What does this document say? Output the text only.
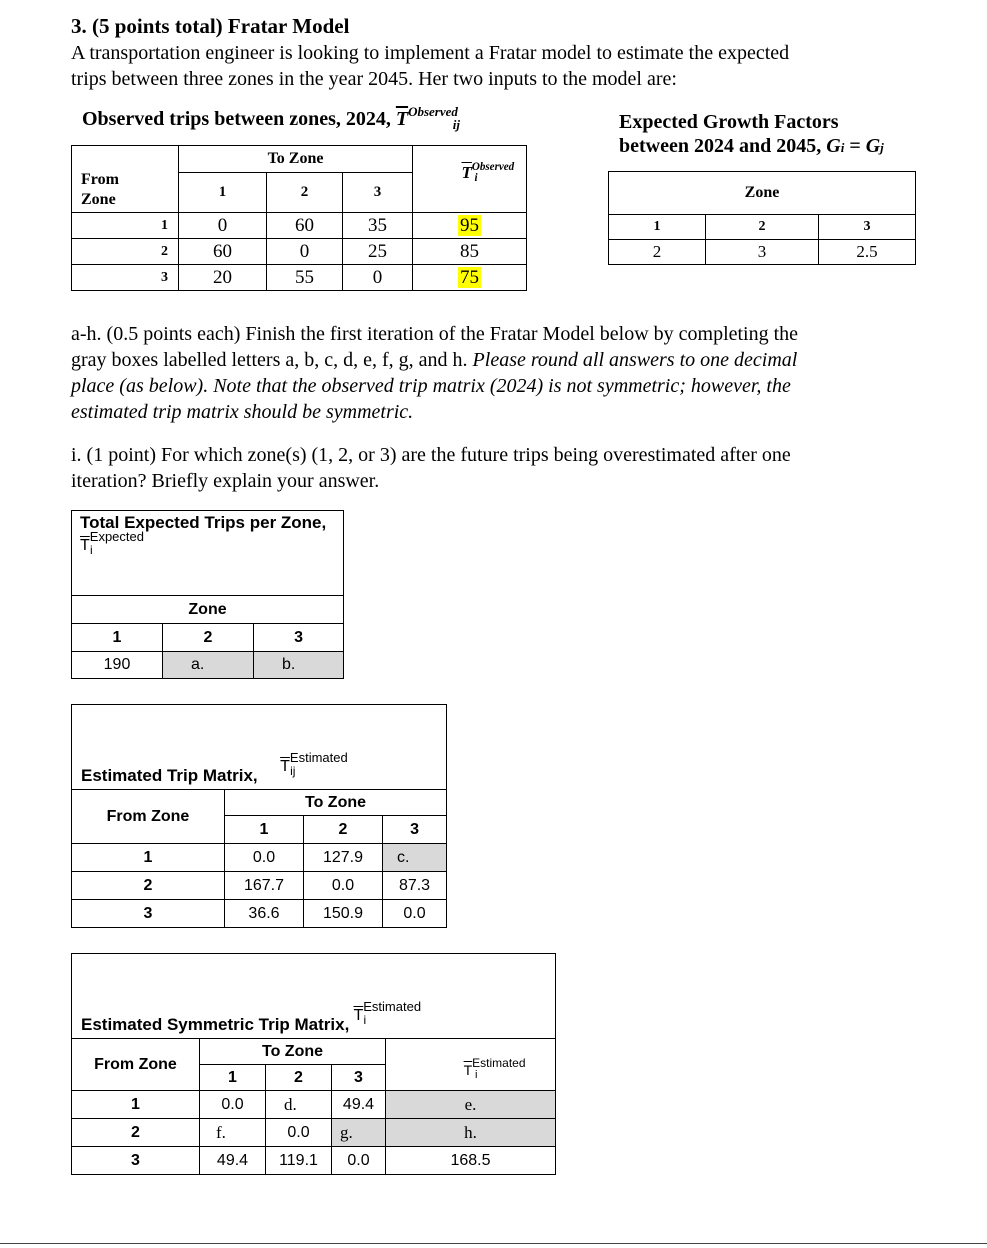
3. (5 points total) Fratar Model
A transportation engineer is looking to implement a Fratar model to estimate the expected
trips between three zones in the year 2045. Her two inputs to the model are:
Observed trips between zones, 2024, $\overline{T}^{Observed}ij$
From
Zone	To Zone			$\overline{T}^{Observed}i$
	1	2	3	
1	0	60	35	95
2	60	0	25	85
3	20	55	0	75
Expected Growth Factors
between 2024 and 2045, Gi = Gj
Zone		
1	2	3
2	3	2.5
a-h. (0.5 points each) Finish the first iteration of the Fratar Model below by completing the
gray boxes labelled letters a, b, c, d, e, f, g, and h. Please round all answers to one decimal
place (as below). Note that the observed trip matrix (2024) is not symmetric; however, the
estimated trip matrix should be symmetric.
i. (1 point) For which zone(s) (1, 2, or 3) are the future trips being overestimated after one
iteration? Briefly explain your answer.
Total Expected Trips per Zone,
$\overline{T}^{Expected}_i$

Zone		
1	2	3
190	a.	b.
Estimated Trip Matrix, $\overline{T}^{Estimated}_{ij}$
From Zone	To Zone		
	1	2	3
1	0.0	127.9	c.
2	167.7	0.0	87.3
3	36.6	150.9	0.0
Estimated Symmetric Trip Matrix, $\overline{T}^{Estimated}_i$
From Zone	To Zone			$\overline{T}Estimated_i$
	1	2	3	
1	0.0	d.	49.4	e.
2	f.	0.0	g.	h.
3	49.4	119.1	0.0	168.5
